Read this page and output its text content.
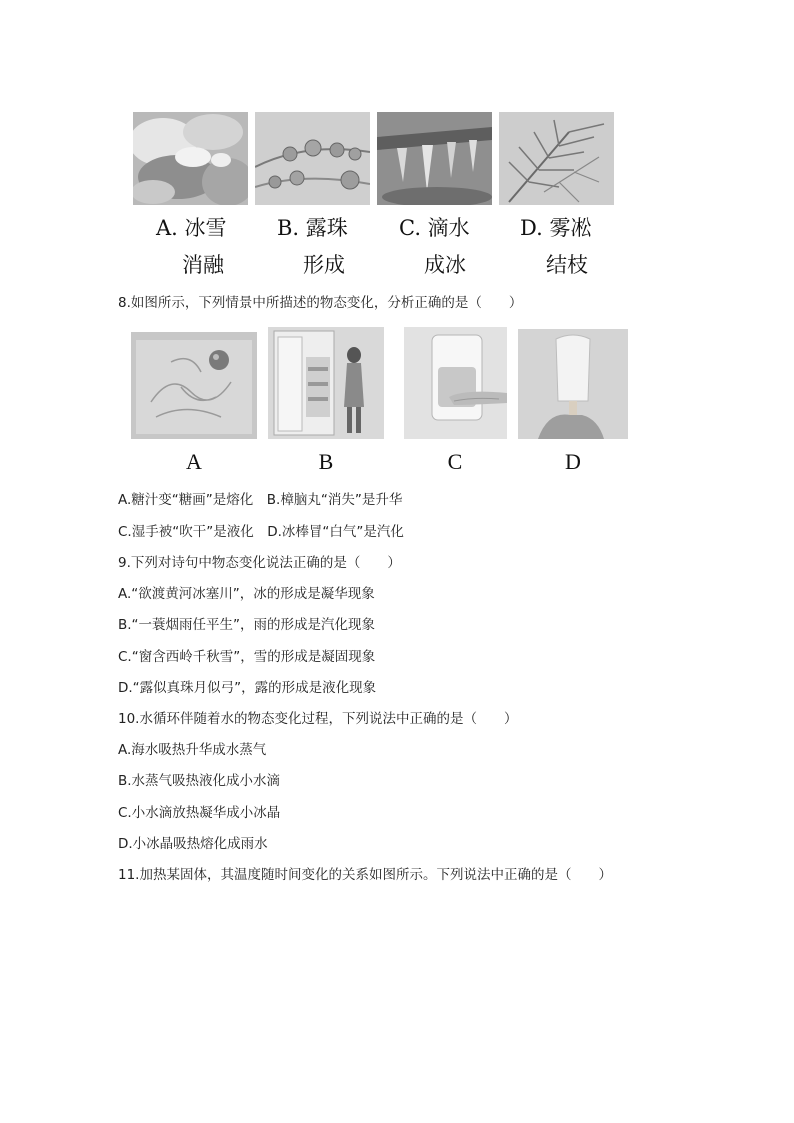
A. 冰雪
消融
B. 露珠
形成
C. 滴水
成冰
D. 雾凇
结枝
8.如图所示，下列情景中所描述的物态变化，分析正确的是（　　）
A	B	C	D
A.糖汁变“糖画”是熔化　B.樟脑丸“消失”是升华
C.湿手被“吹干”是液化　D.冰棒冒“白气”是汽化
9.下列对诗句中物态变化说法正确的是（　　）
A.“欲渡黄河冰塞川”，冰的形成是凝华现象
B.“一蓑烟雨任平生”，雨的形成是汽化现象
C.“窗含西岭千秋雪”，雪的形成是凝固现象
D.“露似真珠月似弓”，露的形成是液化现象
10.水循环伴随着水的物态变化过程，下列说法中正确的是（　　）
A.海水吸热升华成水蒸气
B.水蒸气吸热液化成小水滴
C.小水滴放热凝华成小冰晶
D.小冰晶吸热熔化成雨水
11.加热某固体，其温度随时间变化的关系如图所示。下列说法中正确的是（　　）
